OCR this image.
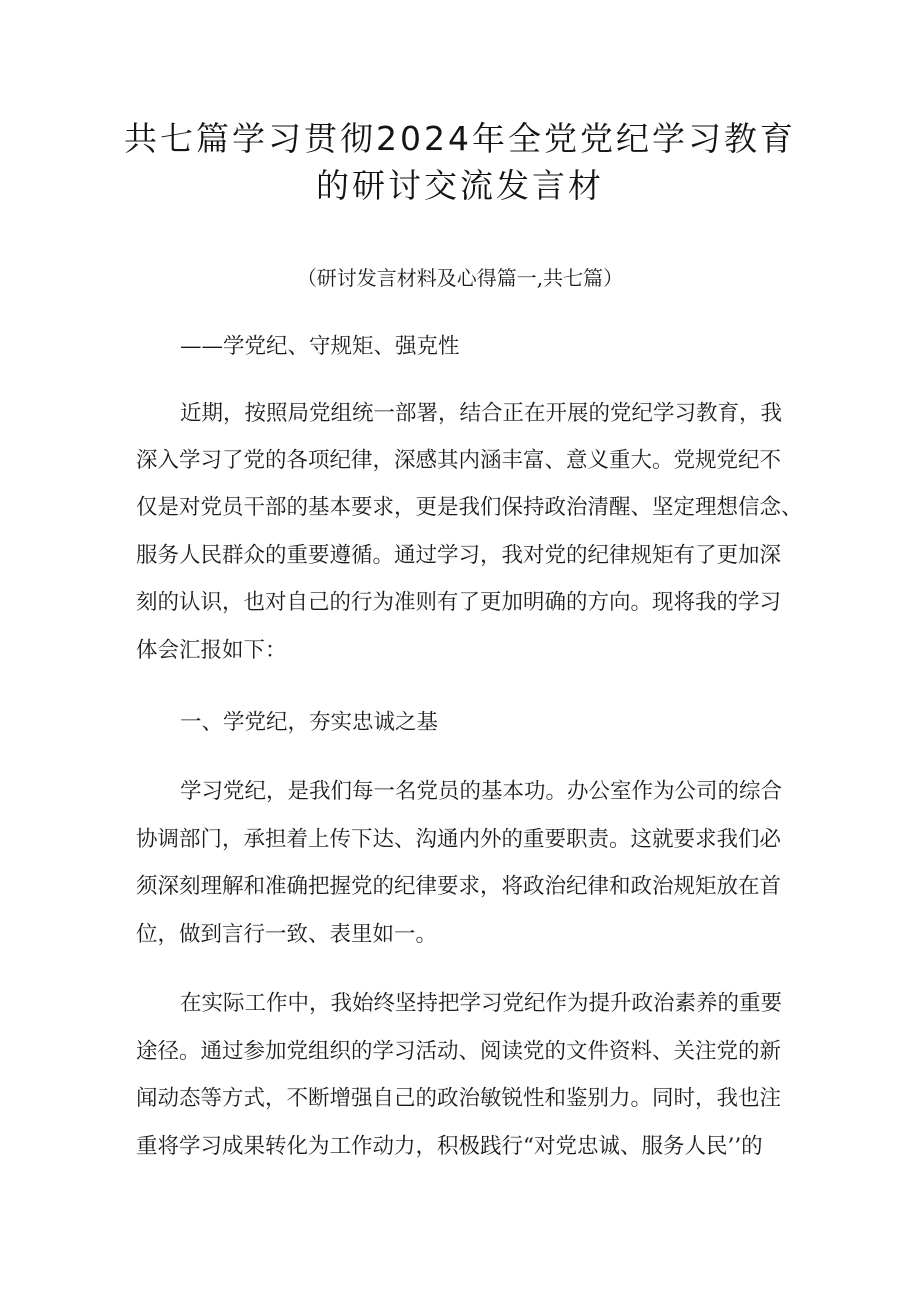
共七篇学习贯彻2024年全党党纪学习教育
的研讨交流发言材

（研讨发言材料及心得篇一,共七篇）

——学党纪、守规矩、强克性

近期，按照局党组统一部署，结合正在开展的党纪学习教育，我

深入学习了党的各项纪律，深感其内涵丰富、意义重大。党规党纪不

仅是对党员干部的基本要求，更是我们保持政治清醒、坚定理想信念、

服务人民群众的重要遵循。通过学习，我对党的纪律规矩有了更加深

刻的认识，也对自己的行为准则有了更加明确的方向。现将我的学习

体会汇报如下：

一、学党纪，夯实忠诚之基

学习党纪，是我们每一名党员的基本功。办公室作为公司的综合

协调部门，承担着上传下达、沟通内外的重要职责。这就要求我们必

须深刻理解和准确把握党的纪律要求，将政治纪律和政治规矩放在首

位，做到言行一致、表里如一。

在实际工作中，我始终坚持把学习党纪作为提升政治素养的重要

途径。通过参加党组织的学习活动、阅读党的文件资料、关注党的新

闻动态等方式，不断增强自己的政治敏锐性和鉴别力。同时，我也注

重将学习成果转化为工作动力，积极践行“对党忠诚、服务人民’’的
